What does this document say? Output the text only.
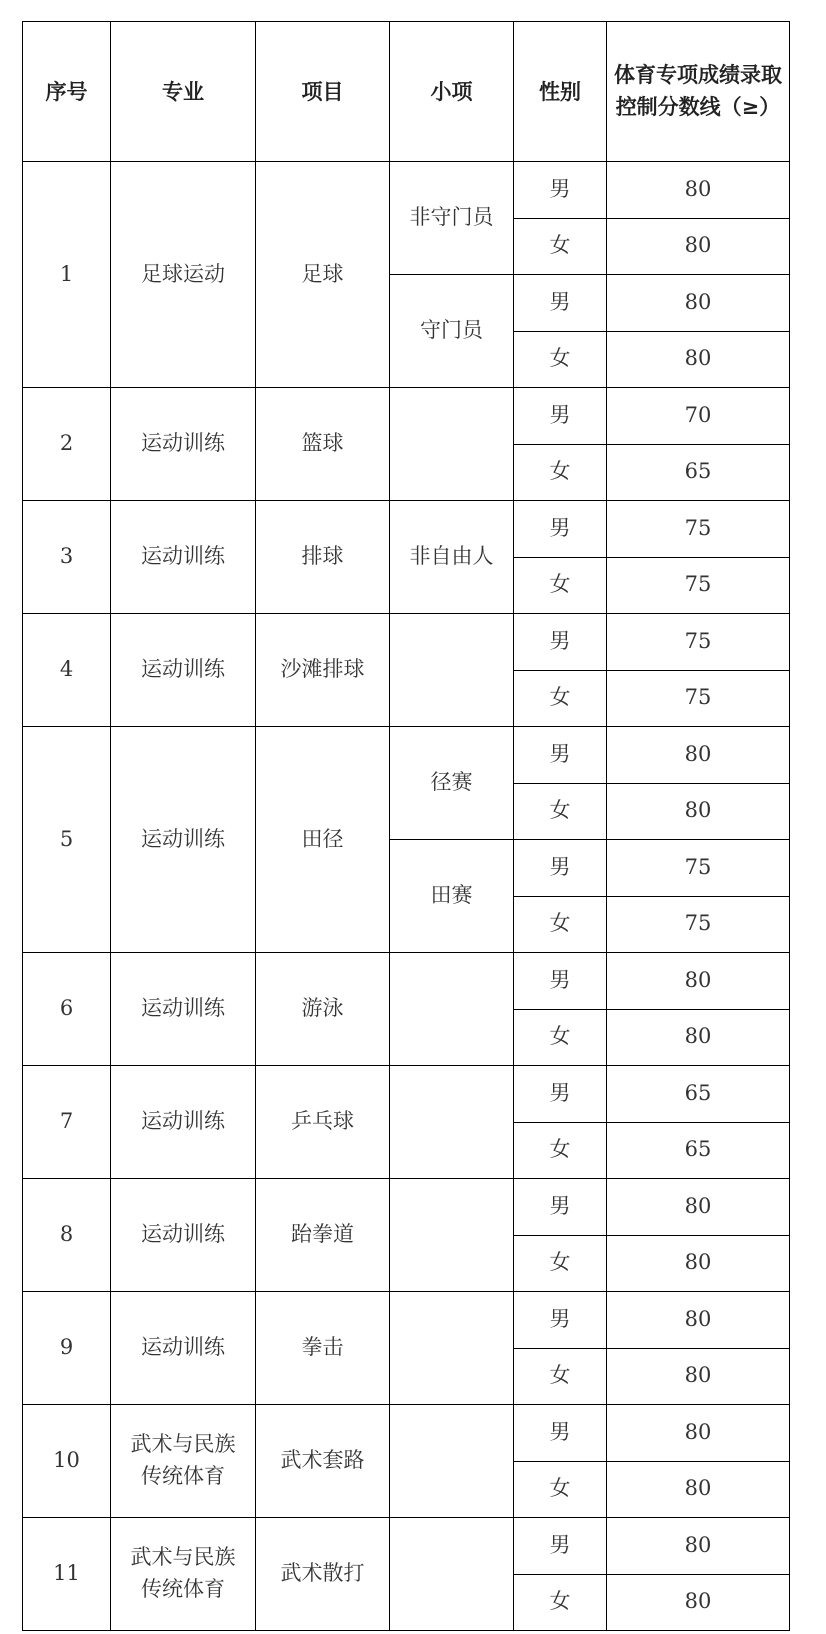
序号	专业	项目	小项	性别	体育专项成绩录取控制分数线（≥）
1	足球运动	足球	非守门员	男	80
				女	80
			守门员	男	80
				女	80
2	运动训练	篮球		男	70
				女	65
3	运动训练	排球	非自由人	男	75
				女	75
4	运动训练	沙滩排球		男	75
				女	75
5	运动训练	田径	径赛	男	80
				女	80
			田赛	男	75
				女	75
6	运动训练	游泳		男	80
				女	80
7	运动训练	乒乓球		男	65
				女	65
8	运动训练	跆拳道		男	80
				女	80
9	运动训练	拳击		男	80
				女	80
10	武术与民族传统体育	武术套路		男	80
				女	80
11	武术与民族传统体育	武术散打		男	80
				女	80
